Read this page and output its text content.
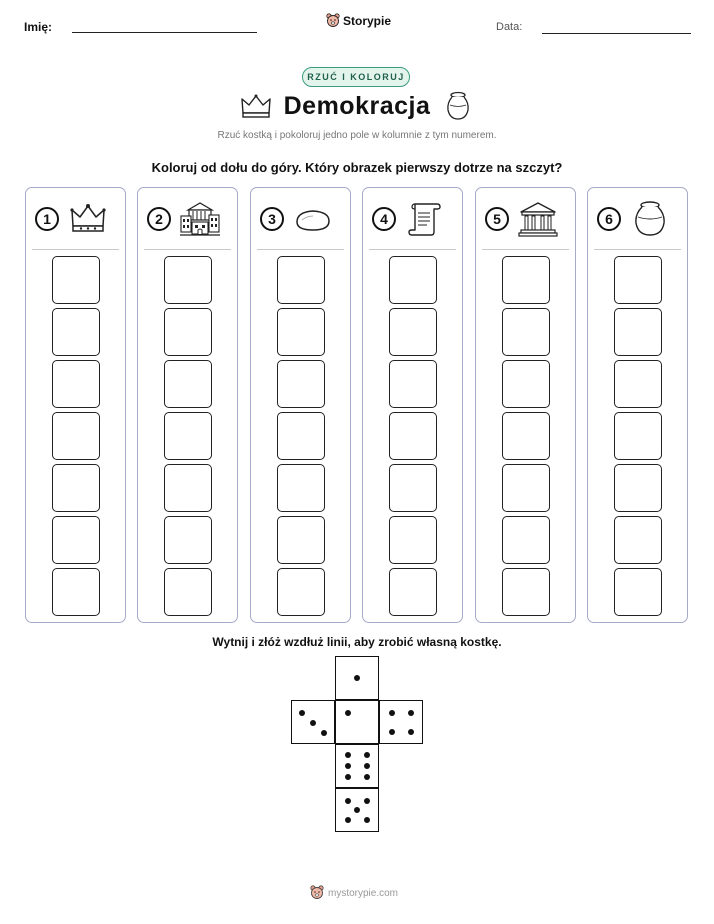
Imię:	Storypie	Data:
RZUĆ I KOLORUJ
Demokracja
Rzuć kostką i pokoloruj jedno pole w kolumnie z tym numerem.
Koloruj od dołu do góry. Który obrazek pierwszy dotrze na szczyt?
1	2	3	4	5	6
Wytnij i złóż wzdłuż linii, aby zrobić własną kostkę.
mystorypie.com
